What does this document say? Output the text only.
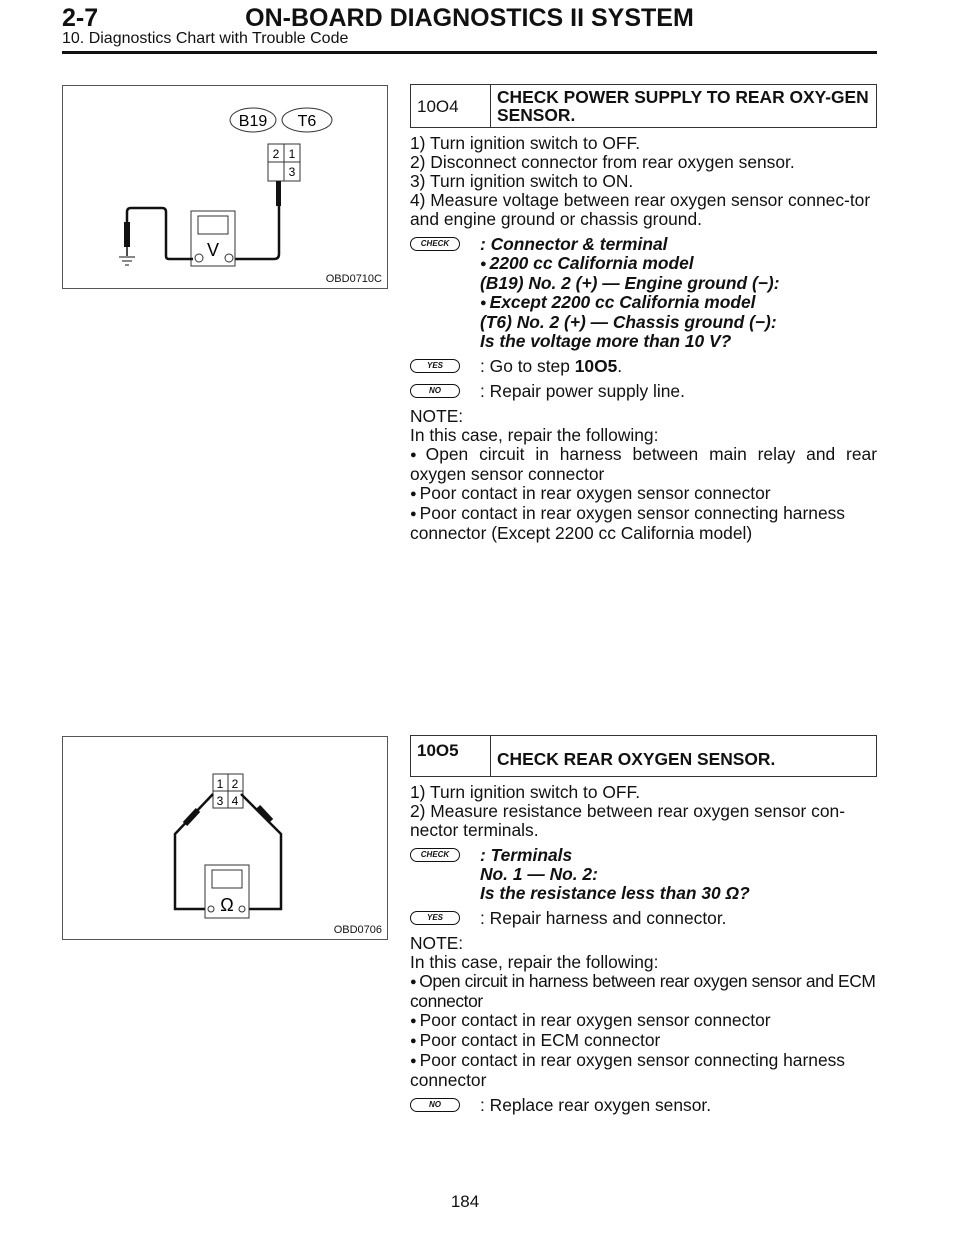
2-7	ON-BOARD DIAGNOSTICS II SYSTEM
10. Diagnostics Chart with Trouble Code
B19 T6
2 1
3
V
OBD0710C
1 2
3 4
Ω
OBD0706
10O4	CHECK POWER SUPPLY TO REAR OXY-GEN SENSOR.
1) Turn ignition switch to OFF.
2) Disconnect connector from rear oxygen sensor.
3) Turn ignition switch to ON.
4) Measure voltage between rear oxygen sensor connec-tor and engine ground or chassis ground.
CHECK	: Connector & terminal
● 2200 cc California model
(B19) No. 2 (+) — Engine ground (−):
● Except 2200 cc California model
(T6) No. 2 (+) — Chassis ground (−):
Is the voltage more than 10 V?
YES	: Go to step 10O5.
NO	: Repair power supply line.
NOTE:
In this case, repair the following:
● Open circuit in harness between main relay and rear oxygen sensor connector
● Poor contact in rear oxygen sensor connector
● Poor contact in rear oxygen sensor connecting harness connector (Except 2200 cc California model)
10O5	CHECK REAR OXYGEN SENSOR.
1) Turn ignition switch to OFF.
2) Measure resistance between rear oxygen sensor con-nector terminals.
CHECK	: Terminals
No. 1 — No. 2:
Is the resistance less than 30 Ω?
YES	: Repair harness and connector.
NOTE:
In this case, repair the following:
● Open circuit in harness between rear oxygen sensor and ECM connector
● Poor contact in rear oxygen sensor connector
● Poor contact in ECM connector
● Poor contact in rear oxygen sensor connecting harness connector
NO	: Replace rear oxygen sensor.
184
